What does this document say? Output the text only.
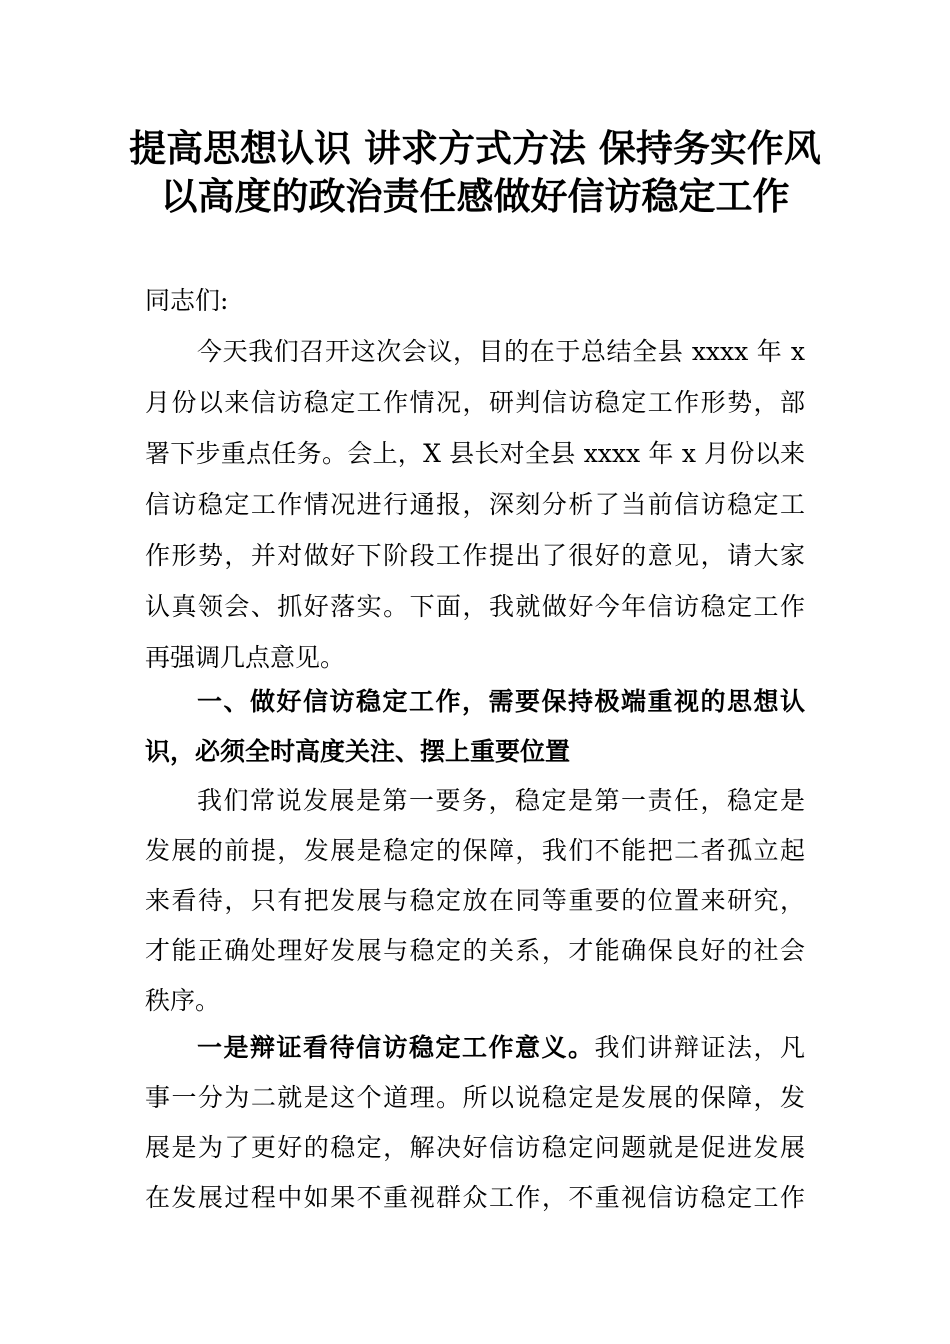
提高思想认识 讲求方式方法 保持务实作风
以高度的政治责任感做好信访稳定工作
同志们:
今天我们召开这次会议，目的在于总结全县 xxxx 年 x
月份以来信访稳定工作情况，研判信访稳定工作形势，部
署下步重点任务。会上，X 县长对全县 xxxx 年 x 月份以来
信访稳定工作情况进行通报，深刻分析了当前信访稳定工
作形势，并对做好下阶段工作提出了很好的意见，请大家
认真领会、抓好落实。下面，我就做好今年信访稳定工作
再强调几点意见。
一、做好信访稳定工作，需要保持极端重视的思想认
识，必须全时高度关注、摆上重要位置
我们常说发展是第一要务，稳定是第一责任，稳定是
发展的前提，发展是稳定的保障，我们不能把二者孤立起
来看待，只有把发展与稳定放在同等重要的位置来研究，
才能正确处理好发展与稳定的关系，才能确保良好的社会
秩序。
一是辩证看待信访稳定工作意义。我们讲辩证法，凡
事一分为二就是这个道理。所以说稳定是发展的保障，发
展是为了更好的稳定，解决好信访稳定问题就是促进发展
在发展过程中如果不重视群众工作，不重视信访稳定工作
